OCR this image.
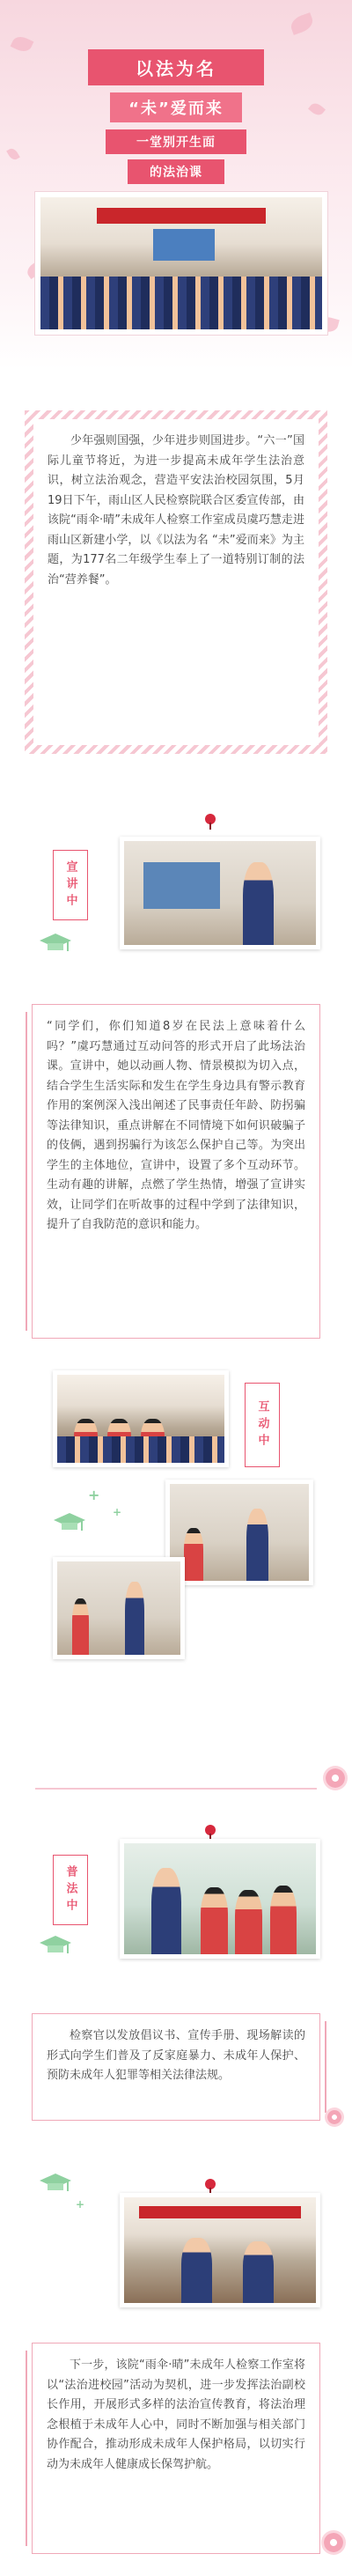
以法为名
“未”爱而来
一堂别开生面
的法治课

少年强则国强，少年进步则国进步。“六一”国际儿童节将近，为进一步提高未成年学生法治意识，树立法治观念，营造平安法治校园氛围，5月19日下午，雨山区人民检察院联合区委宣传部，由该院“雨伞·晴”未成年人检察工作室成员虞巧慧走进雨山区新建小学，以《以法为名 “未”爱而来》为主题，为177名二年级学生奉上了一道特别订制的法治“营养餐”。

宣讲中

“同学们，你们知道8岁在民法上意味着什么吗？”虞巧慧通过互动问答的形式开启了此场法治课。宣讲中，她以动画人物、情景模拟为切入点，结合学生生活实际和发生在学生身边具有警示教育作用的案例深入浅出阐述了民事责任年龄、防拐骗等法律知识，重点讲解在不同情境下如何识破骗子的伎俩，遇到拐骗行为该怎么保护自己等。为突出学生的主体地位，宣讲中，设置了多个互动环节。生动有趣的讲解，点燃了学生热情，增强了宣讲实效，让同学们在听故事的过程中学到了法律知识，提升了自我防范的意识和能力。

互动中
+
+
普法中

检察官以发放倡议书、宣传手册、现场解读的形式向学生们普及了反家庭暴力、未成年人保护、预防未成年人犯罪等相关法律法规。

+

下一步，该院“雨伞·晴”未成年人检察工作室将以“法治进校园”活动为契机，进一步发挥法治副校长作用，开展形式多样的法治宣传教育，将法治理念根植于未成年人心中，同时不断加强与相关部门协作配合，推动形成未成年人保护格局，以切实行动为未成年人健康成长保驾护航。
